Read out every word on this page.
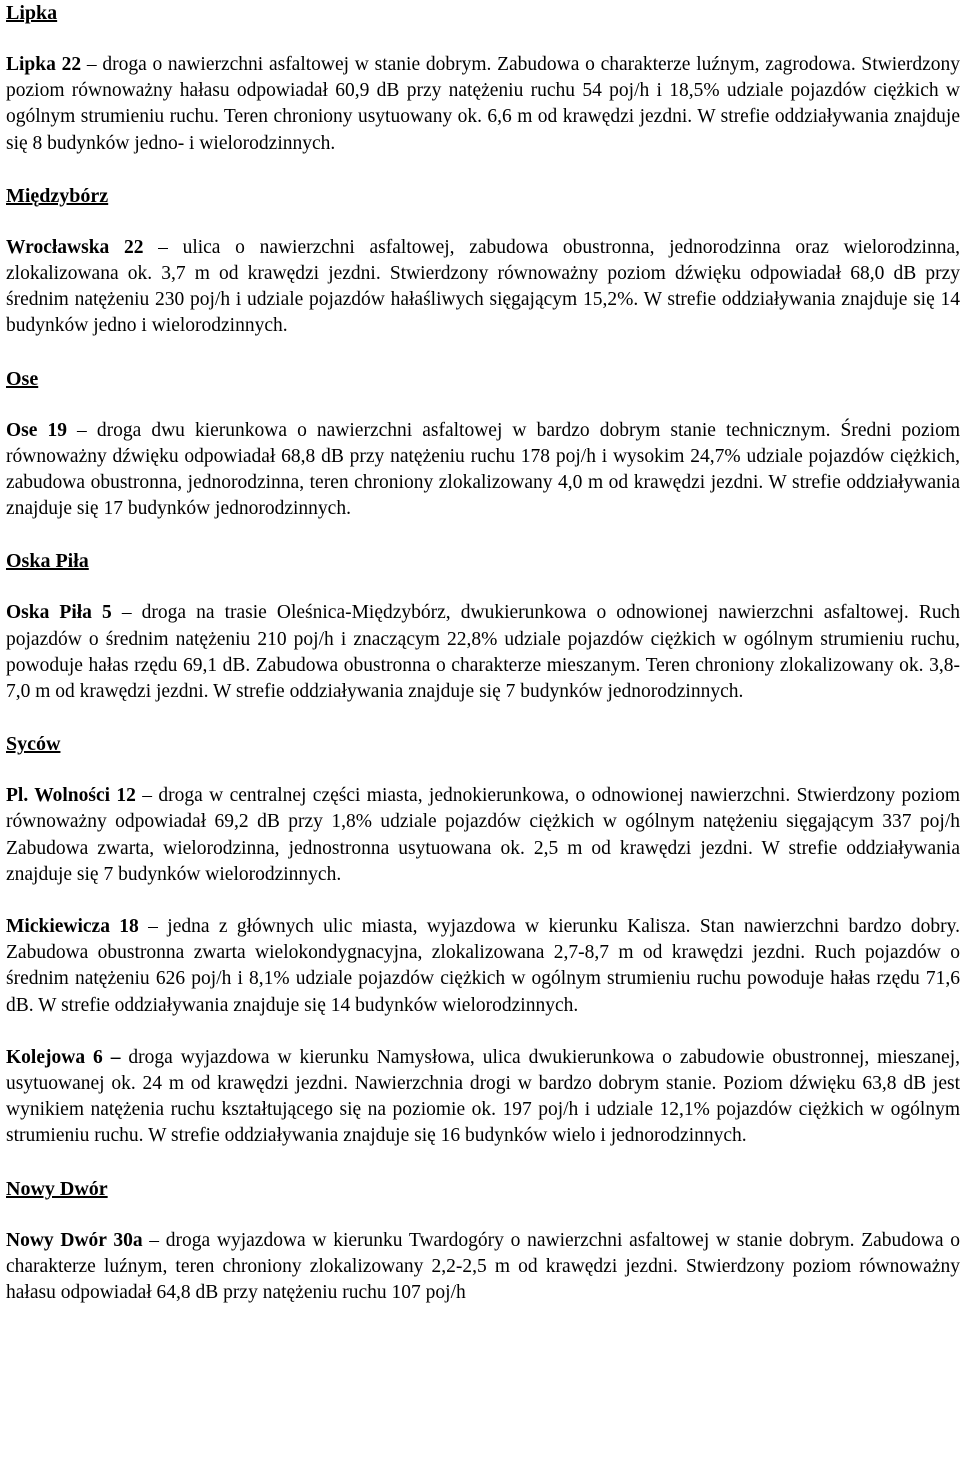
Lipka

Lipka 22 – droga o nawierzchni asfaltowej w stanie dobrym. Zabudowa o charakterze luźnym, zagrodowa. Stwierdzony poziom równoważny hałasu odpowiadał 60,9 dB przy natężeniu ruchu 54 poj/h i 18,5% udziale pojazdów ciężkich w ogólnym strumieniu ruchu. Teren chroniony usytuowany ok. 6,6 m od krawędzi jezdni. W strefie oddziaływania znajduje się 8 budynków jedno- i wielorodzinnych.

Międzybórz

Wrocławska 22 – ulica o nawierzchni asfaltowej, zabudowa obustronna, jednorodzinna oraz wielorodzinna, zlokalizowana ok. 3,7 m od krawędzi jezdni. Stwierdzony równoważny poziom dźwięku odpowiadał 68,0 dB przy średnim natężeniu 230 poj/h i udziale pojazdów hałaśliwych sięgającym 15,2%. W strefie oddziaływania znajduje się 14 budynków jedno i wielorodzinnych.

Ose

Ose 19 – droga dwu kierunkowa o nawierzchni asfaltowej w bardzo dobrym stanie technicznym. Średni poziom równoważny dźwięku odpowiadał 68,8 dB przy natężeniu ruchu 178 poj/h i wysokim 24,7% udziale pojazdów ciężkich, zabudowa obustronna, jednorodzinna, teren chroniony zlokalizowany 4,0 m od krawędzi jezdni. W strefie oddziaływania znajduje się 17 budynków jednorodzinnych.

Oska Piła

Oska Piła 5 – droga na trasie Oleśnica-Międzybórz, dwukierunkowa o odnowionej nawierzchni asfaltowej. Ruch pojazdów o średnim natężeniu 210 poj/h i znaczącym 22,8% udziale pojazdów ciężkich w ogólnym strumieniu ruchu, powoduje hałas rzędu 69,1 dB. Zabudowa obustronna o charakterze mieszanym. Teren chroniony zlokalizowany ok. 3,8-7,0 m od krawędzi jezdni. W strefie oddziaływania znajduje się 7 budynków jednorodzinnych.

Syców

Pl. Wolności 12 – droga w centralnej części miasta, jednokierunkowa, o odnowionej nawierzchni. Stwierdzony poziom równoważny odpowiadał 69,2 dB przy 1,8% udziale pojazdów ciężkich w ogólnym natężeniu sięgającym 337 poj/h Zabudowa zwarta, wielorodzinna, jednostronna usytuowana ok. 2,5 m od krawędzi jezdni. W strefie oddziaływania znajduje się 7 budynków wielorodzinnych.

Mickiewicza 18 – jedna z głównych ulic miasta, wyjazdowa w kierunku Kalisza. Stan nawierzchni bardzo dobry. Zabudowa obustronna zwarta wielokondygnacyjna, zlokalizowana 2,7-8,7 m od krawędzi jezdni. Ruch pojazdów o średnim natężeniu 626 poj/h i 8,1% udziale pojazdów ciężkich w ogólnym strumieniu ruchu powoduje hałas rzędu 71,6 dB. W strefie oddziaływania znajduje się 14 budynków wielorodzinnych.

Kolejowa 6 – droga wyjazdowa w kierunku Namysłowa, ulica dwukierunkowa o zabudowie obustronnej, mieszanej, usytuowanej ok. 24 m od krawędzi jezdni. Nawierzchnia drogi w bardzo dobrym stanie. Poziom dźwięku 63,8 dB jest wynikiem natężenia ruchu kształtującego się na poziomie ok. 197 poj/h i udziale 12,1% pojazdów ciężkich w ogólnym strumieniu ruchu. W strefie oddziaływania znajduje się 16 budynków wielo i jednorodzinnych.

Nowy Dwór

Nowy Dwór 30a – droga wyjazdowa w kierunku Twardogóry o nawierzchni asfaltowej w stanie dobrym. Zabudowa o charakterze luźnym, teren chroniony zlokalizowany 2,2-2,5 m od krawędzi jezdni. Stwierdzony poziom równoważny hałasu odpowiadał 64,8 dB przy natężeniu ruchu 107 poj/h
